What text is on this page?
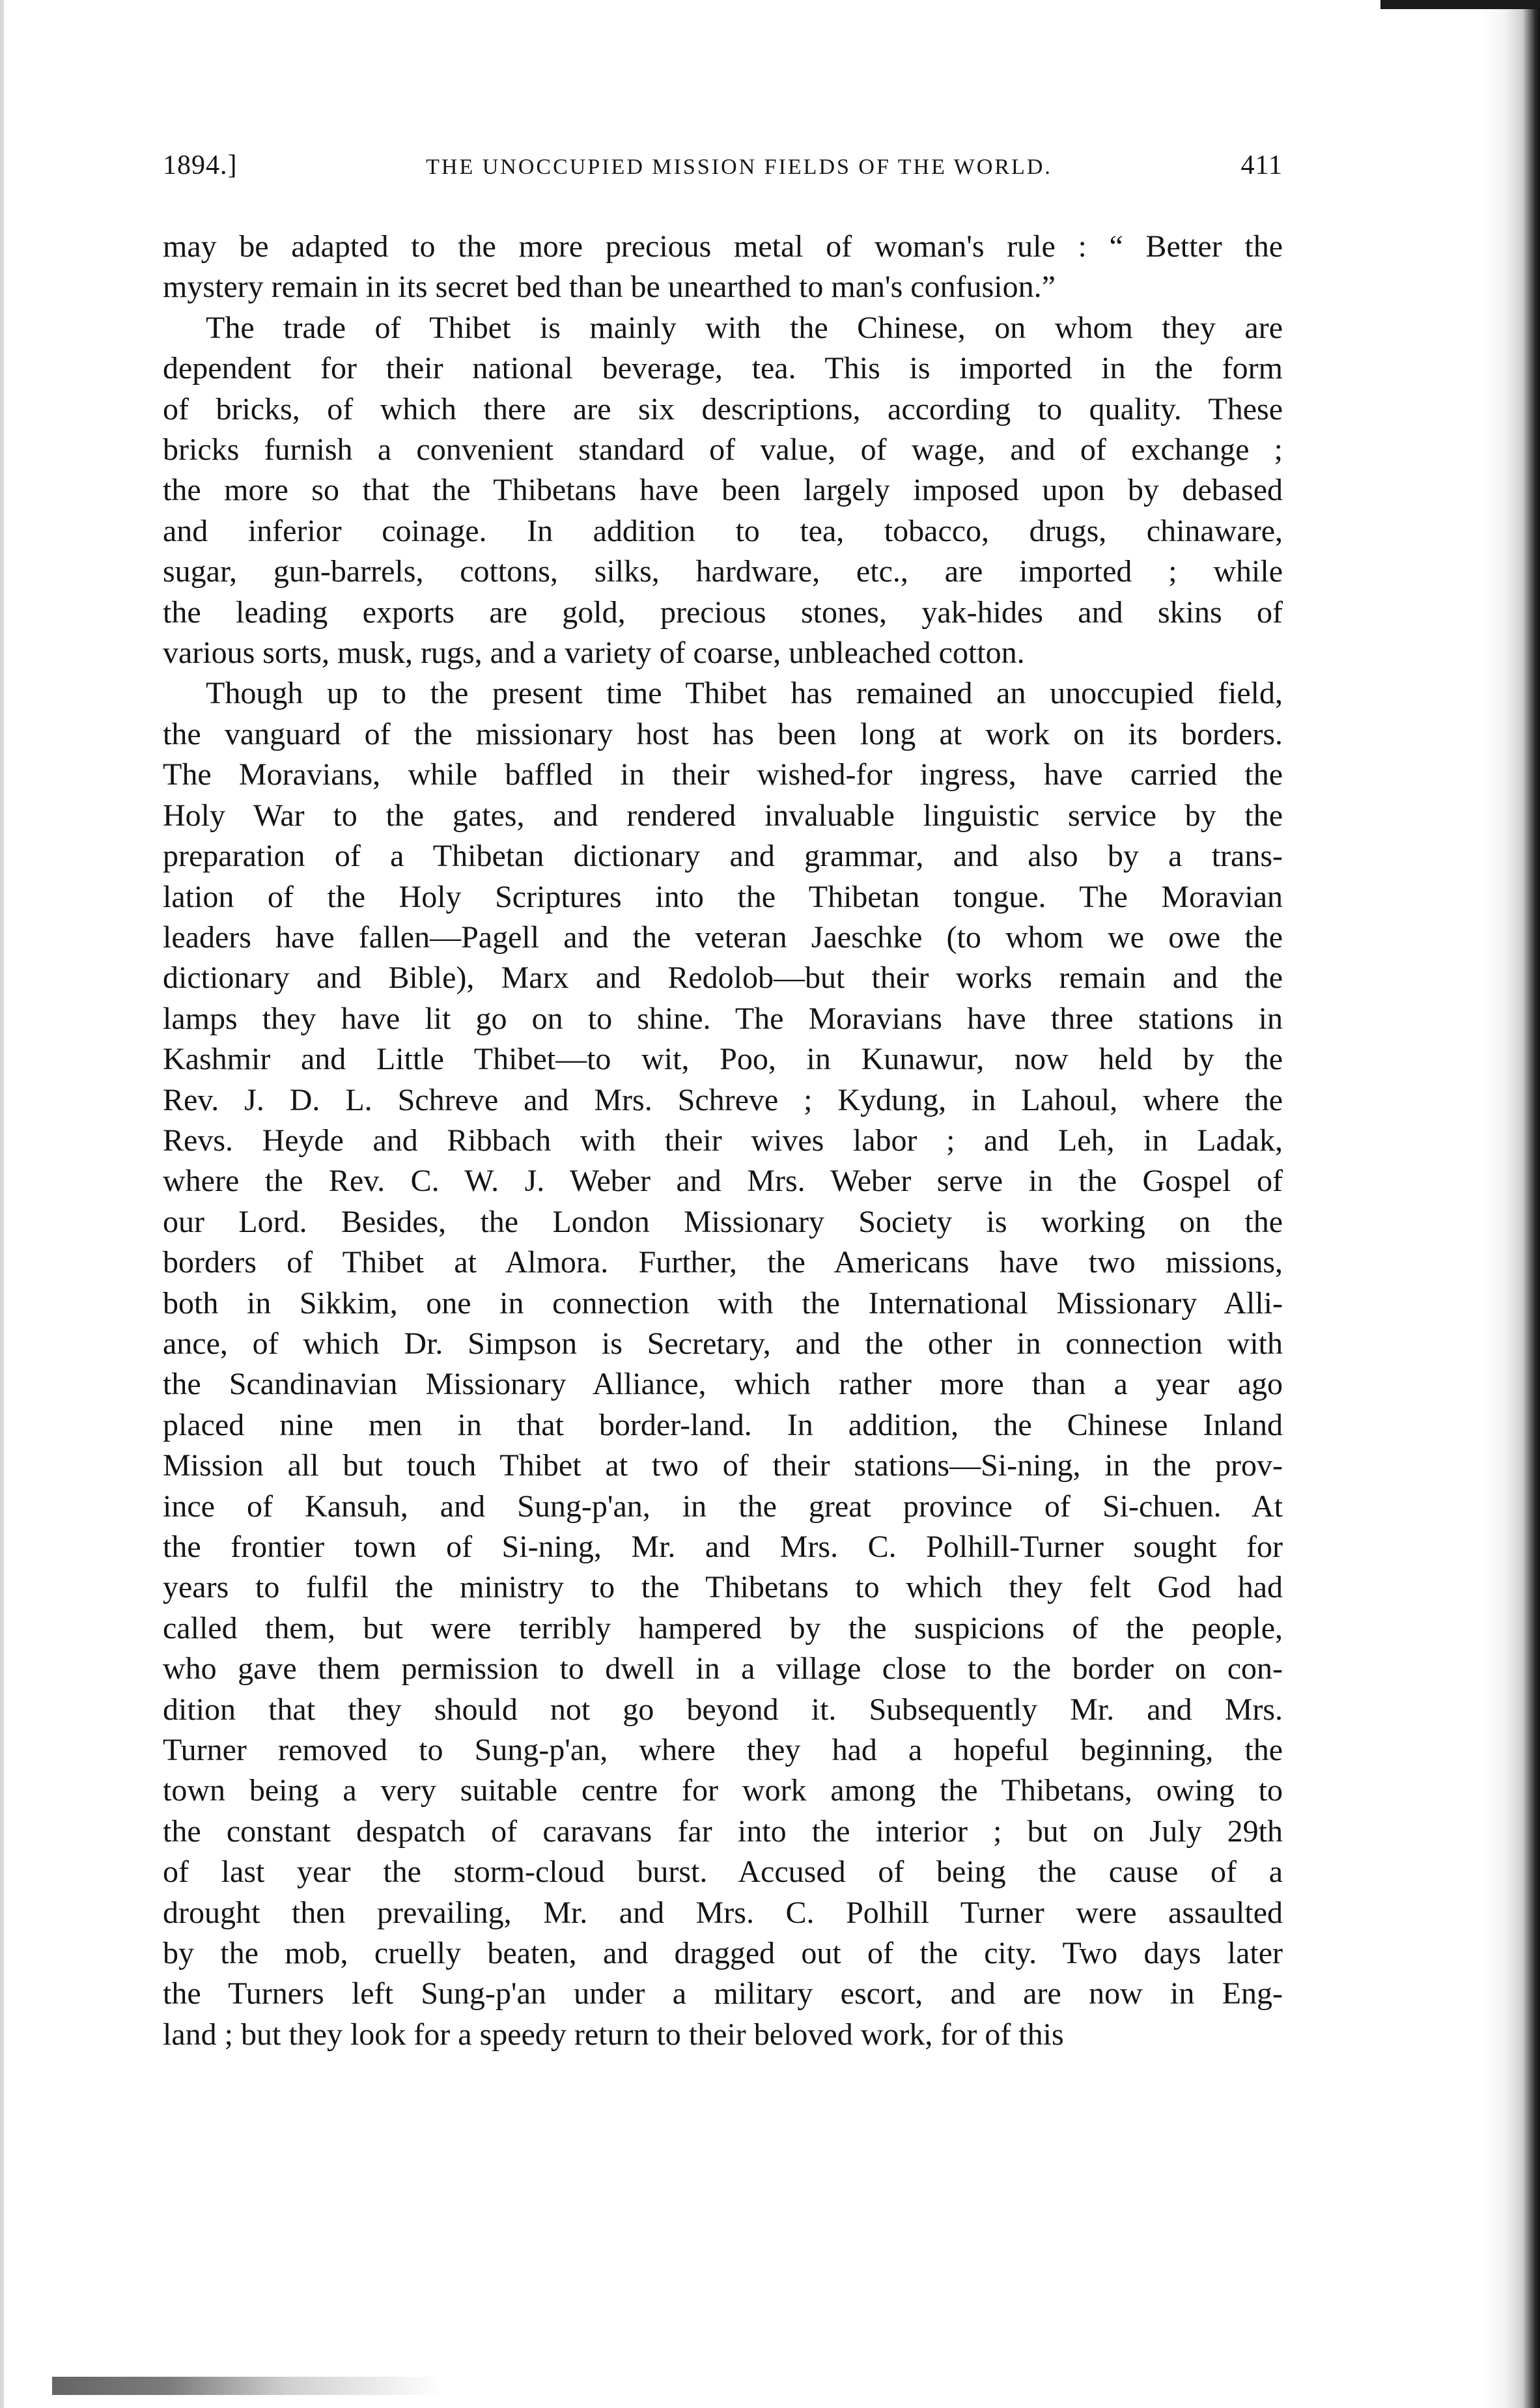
1894.]	THE UNOCCUPIED MISSION FIELDS OF THE WORLD.	411

may be adapted to the more precious metal of woman's rule : “ Better the
mystery remain in its secret bed than be unearthed to man's confusion.”

The trade of Thibet is mainly with the Chinese, on whom they are
dependent for their national beverage, tea. This is imported in the form
of bricks, of which there are six descriptions, according to quality. These
bricks furnish a convenient standard of value, of wage, and of exchange ;
the more so that the Thibetans have been largely imposed upon by debased
and inferior coinage. In addition to tea, tobacco, drugs, chinaware,
sugar, gun-barrels, cottons, silks, hardware, etc., are imported ; while
the leading exports are gold, precious stones, yak-hides and skins of
various sorts, musk, rugs, and a variety of coarse, unbleached cotton.

Though up to the present time Thibet has remained an unoccupied field,
the vanguard of the missionary host has been long at work on its borders.
The Moravians, while baffled in their wished-for ingress, have carried the
Holy War to the gates, and rendered invaluable linguistic service by the
preparation of a Thibetan dictionary and grammar, and also by a trans-
lation of the Holy Scriptures into the Thibetan tongue. The Moravian
leaders have fallen—Pagell and the veteran Jaeschke (to whom we owe the
dictionary and Bible), Marx and Redolob—but their works remain and the
lamps they have lit go on to shine. The Moravians have three stations in
Kashmir and Little Thibet—to wit, Poo, in Kunawur, now held by the
Rev. J. D. L. Schreve and Mrs. Schreve ; Kydung, in Lahoul, where the
Revs. Heyde and Ribbach with their wives labor ; and Leh, in Ladak,
where the Rev. C. W. J. Weber and Mrs. Weber serve in the Gospel of
our Lord. Besides, the London Missionary Society is working on the
borders of Thibet at Almora. Further, the Americans have two missions,
both in Sikkim, one in connection with the International Missionary Alli-
ance, of which Dr. Simpson is Secretary, and the other in connection with
the Scandinavian Missionary Alliance, which rather more than a year ago
placed nine men in that border-land. In addition, the Chinese Inland
Mission all but touch Thibet at two of their stations—Si-ning, in the prov-
ince of Kansuh, and Sung-p'an, in the great province of Si-chuen. At
the frontier town of Si-ning, Mr. and Mrs. C. Polhill-Turner sought for
years to fulfil the ministry to the Thibetans to which they felt God had
called them, but were terribly hampered by the suspicions of the people,
who gave them permission to dwell in a village close to the border on con-
dition that they should not go beyond it. Subsequently Mr. and Mrs.
Turner removed to Sung-p'an, where they had a hopeful beginning, the
town being a very suitable centre for work among the Thibetans, owing to
the constant despatch of caravans far into the interior ; but on July 29th
of last year the storm-cloud burst. Accused of being the cause of a
drought then prevailing, Mr. and Mrs. C. Polhill Turner were assaulted
by the mob, cruelly beaten, and dragged out of the city. Two days later
the Turners left Sung-p'an under a military escort, and are now in Eng-
land ; but they look for a speedy return to their beloved work, for of this
